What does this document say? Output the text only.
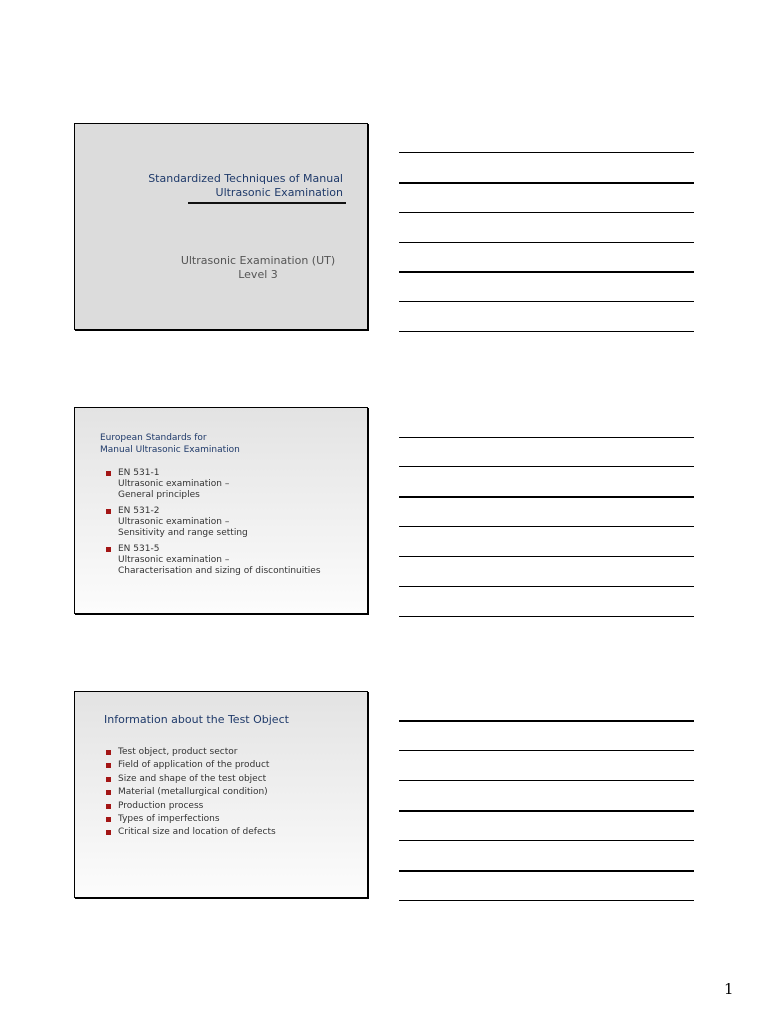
Standardized Techniques of Manual
Ultrasonic Examination
Ultrasonic Examination (UT)
Level 3
European Standards for
Manual Ultrasonic Examination
EN 531-1
Ultrasonic examination –
General principles
EN 531-2
Ultrasonic examination –
Sensitivity and range setting
EN 531-5
Ultrasonic examination –
Characterisation and sizing of discontinuities
Information about the Test Object
Test object, product sector
Field of application of the product
Size and shape of the test object
Material (metallurgical condition)
Production process
Types of imperfections
Critical size and location of defects
1
